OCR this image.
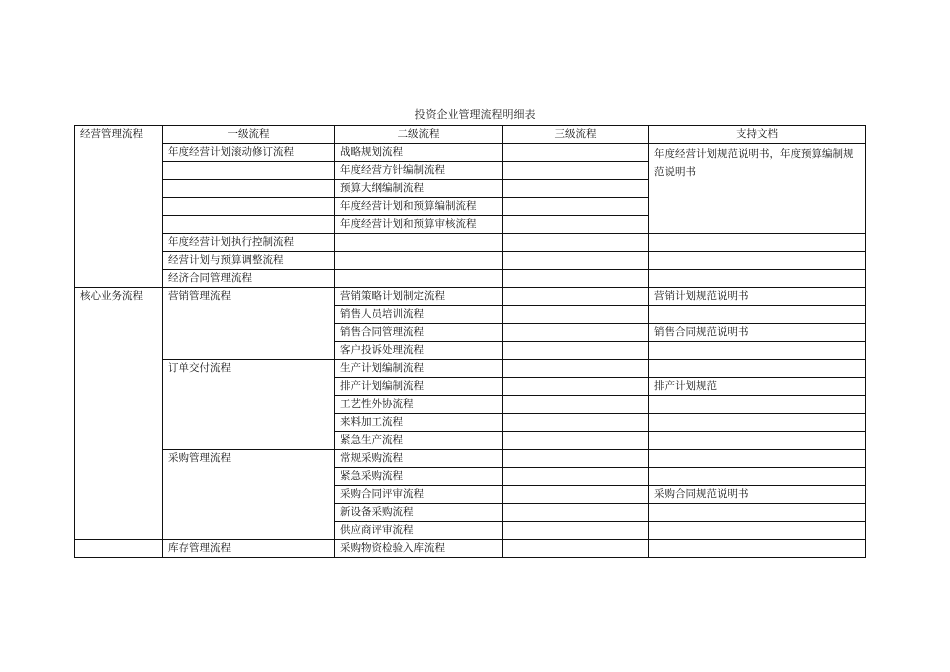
投资企业管理流程明细表
经营管理流程	一级流程	二级流程	三级流程	支持文档
	年度经营计划滚动修订流程	战略规划流程		年度经营计划规范说明书，年度预算编制规范说明书
		年度经营方针编制流程		
		预算大纲编制流程		
		年度经营计划和预算编制流程		
		年度经营计划和预算审核流程		
	年度经营计划执行控制流程			
	经营计划与预算调整流程			
	经济合同管理流程			
核心业务流程	营销管理流程	营销策略计划制定流程		营销计划规范说明书
		销售人员培训流程		
		销售合同管理流程		销售合同规范说明书
		客户投诉处理流程		
	订单交付流程	生产计划编制流程		
		排产计划编制流程		排产计划规范
		工艺性外协流程		
		来料加工流程		
		紧急生产流程		
	采购管理流程	常规采购流程		
		紧急采购流程		
		采购合同评审流程		采购合同规范说明书
		新设备采购流程		
		供应商评审流程		
	库存管理流程	采购物资检验入库流程		
